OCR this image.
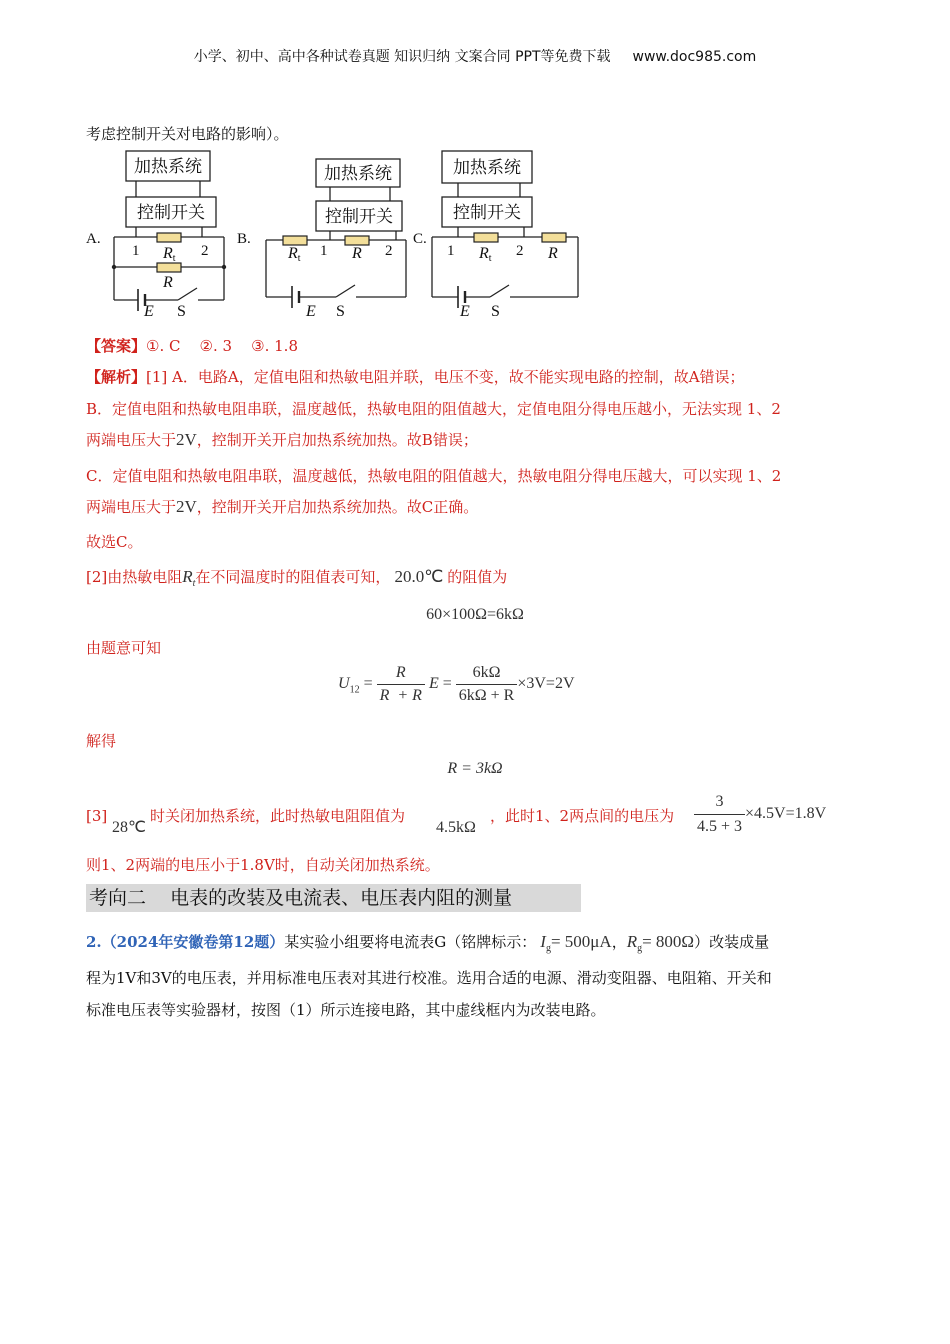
小学、初中、高中各种试卷真题 知识归纳 文案合同 PPT等免费下载 www.doc985.com
考虑控制开关对电路的影响）。
加热系统
控制开关
加热系统
控制开关
加热系统
控制开关
A.	B.	C.
1	2	1	2	1	2
Rt
R
Rt	R	Rt	R
E	E	E
S	S	S
【答案】①. C    ②. 3    ③. 1.8
【解析】[1] A．电路A，定值电阻和热敏电阻并联，电压不变，故不能实现电路的控制，故A错误；
B．定值电阻和热敏电阻串联，温度越低，热敏电阻的阻值越大，定值电阻分得电压越小，无法实现 1、2
两端电压大于2V，控制开关开启加热系统加热。故B错误；
C．定值电阻和热敏电阻串联，温度越低，热敏电阻的阻值越大，热敏电阻分得电压越大，可以实现 1、2
两端电压大于2V，控制开关开启加热系统加热。故C正确。
故选C。
[2]由热敏电阻$R_t$在不同温度时的阻值表可知， 20.0℃ 的阻值为
60×100Ω=6kΩ
由题意可知
$U_{12} = \frac{R}{R + R}$ $E = \frac{6k\Omega}{6k\Omega + R} \times 3V=2V$
解得
R = 3kΩ
[3]
28℃
时关闭加热系统，此时热敏电阻阻值为
4.5kΩ
，此时1、2两点间的电压为 $\frac{3}{4.5 + 3} \times 4.5V=1.8V$
则1、2两端的电压小于1.8V时，自动关闭加热系统。
考向二    电表的改装及电流表、电压表内阻的测量
2.（2024年安徽卷第12题）某实验小组要将电流表G（铭牌标示： $I_g= 500\mu A$，$R_g= 800\Omega$）改装成量
程为1V和3V的电压表，并用标准电压表对其进行校准。选用合适的电源、滑动变阻器、电阻箱、开关和
标准电压表等实验器材，按图（1）所示连接电路，其中虚线框内为改装电路。
